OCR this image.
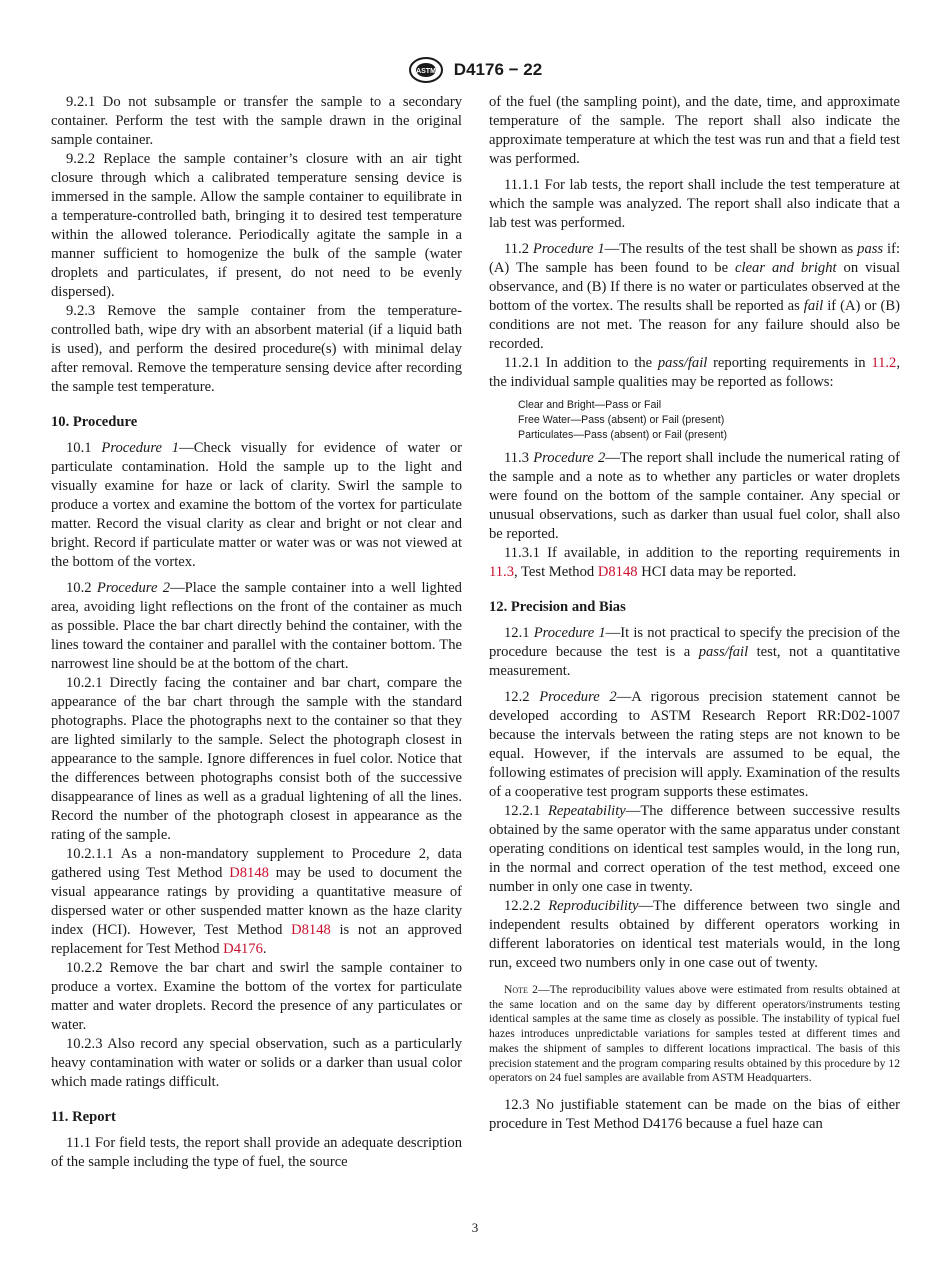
ASTM D4176 − 22

9.2.1 Do not subsample or transfer the sample to a secondary container. Perform the test with the sample drawn in the original sample container.

9.2.2 Replace the sample container’s closure with an air tight closure through which a calibrated temperature sensing device is immersed in the sample. Allow the sample container to equilibrate in a temperature-controlled bath, bringing it to desired test temperature within the allowed tolerance. Periodically agitate the sample in a manner sufficient to homogenize the bulk of the sample (water droplets and particulates, if present, do not need to be evenly dispersed).

9.2.3 Remove the sample container from the temperature-controlled bath, wipe dry with an absorbent material (if a liquid bath is used), and perform the desired procedure(s) with minimal delay after removal. Remove the temperature sensing device after recording the sample test temperature.

10. Procedure

10.1 Procedure 1—Check visually for evidence of water or particulate contamination. Hold the sample up to the light and visually examine for haze or lack of clarity. Swirl the sample to produce a vortex and examine the bottom of the vortex for particulate matter. Record the visual clarity as clear and bright or not clear and bright. Record if particulate matter or water was or was not viewed at the bottom of the vortex.

10.2 Procedure 2—Place the sample container into a well lighted area, avoiding light reflections on the front of the container as much as possible. Place the bar chart directly behind the container, with the lines toward the container and parallel with the container bottom. The narrowest line should be at the bottom of the chart.

10.2.1 Directly facing the container and bar chart, compare the appearance of the bar chart through the sample with the standard photographs. Place the photographs next to the container so that they are lighted similarly to the sample. Select the photograph closest in appearance to the sample. Ignore differences in fuel color. Notice that the differences between photographs consist both of the successive disappearance of lines as well as a gradual lightening of all the lines. Record the number of the photograph closest in appearance as the rating of the sample.

10.2.1.1 As a non-mandatory supplement to Procedure 2, data gathered using Test Method D8148 may be used to document the visual appearance ratings by providing a quantitative measure of dispersed water or other suspended matter known as the haze clarity index (HCI). However, Test Method D8148 is not an approved replacement for Test Method D4176.

10.2.2 Remove the bar chart and swirl the sample container to produce a vortex. Examine the bottom of the vortex for particulate matter and water droplets. Record the presence of any particulates or water.

10.2.3 Also record any special observation, such as a particularly heavy contamination with water or solids or a darker than usual color which made ratings difficult.

11. Report

11.1 For field tests, the report shall provide an adequate description of the sample including the type of fuel, the source

of the fuel (the sampling point), and the date, time, and approximate temperature of the sample. The report shall also indicate the approximate temperature at which the test was run and that a field test was performed.

11.1.1 For lab tests, the report shall include the test temperature at which the sample was analyzed. The report shall also indicate that a lab test was performed.

11.2 Procedure 1—The results of the test shall be shown as pass if: (A) The sample has been found to be clear and bright on visual observance, and (B) If there is no water or particulates observed at the bottom of the vortex. The results shall be reported as fail if (A) or (B) conditions are not met. The reason for any failure should also be recorded.

11.2.1 In addition to the pass/fail reporting requirements in 11.2, the individual sample qualities may be reported as follows:

Clear and Bright—Pass or Fail
Free Water—Pass (absent) or Fail (present)
Particulates—Pass (absent) or Fail (present)

11.3 Procedure 2—The report shall include the numerical rating of the sample and a note as to whether any particles or water droplets were found on the bottom of the sample container. Any special or unusual observations, such as darker than usual fuel color, shall also be reported.

11.3.1 If available, in addition to the reporting requirements in 11.3, Test Method D8148 HCI data may be reported.

12. Precision and Bias

12.1 Procedure 1—It is not practical to specify the precision of the procedure because the test is a pass/fail test, not a quantitative measurement.

12.2 Procedure 2—A rigorous precision statement cannot be developed according to ASTM Research Report RR:D02-1007 because the intervals between the rating steps are not known to be equal. However, if the intervals are assumed to be equal, the following estimates of precision will apply. Examination of the results of a cooperative test program supports these estimates.

12.2.1 Repeatability—The difference between successive results obtained by the same operator with the same apparatus under constant operating conditions on identical test samples would, in the long run, in the normal and correct operation of the test method, exceed one number in only one case in twenty.

12.2.2 Reproducibility—The difference between two single and independent results obtained by different operators working in different laboratories on identical test materials would, in the long run, exceed two numbers only in one case out of twenty.

Note 2—The reproducibility values above were estimated from results obtained at the same location and on the same day by different operators/instruments testing identical samples at the same time as closely as possible. The instability of typical fuel hazes introduces unpredictable variations for samples tested at different times and makes the shipment of samples to different locations impractical. The basis of this precision statement and the program comparing results obtained by this procedure by 12 operators on 24 fuel samples are available from ASTM Headquarters.

12.3 No justifiable statement can be made on the bias of either procedure in Test Method D4176 because a fuel haze can

3
